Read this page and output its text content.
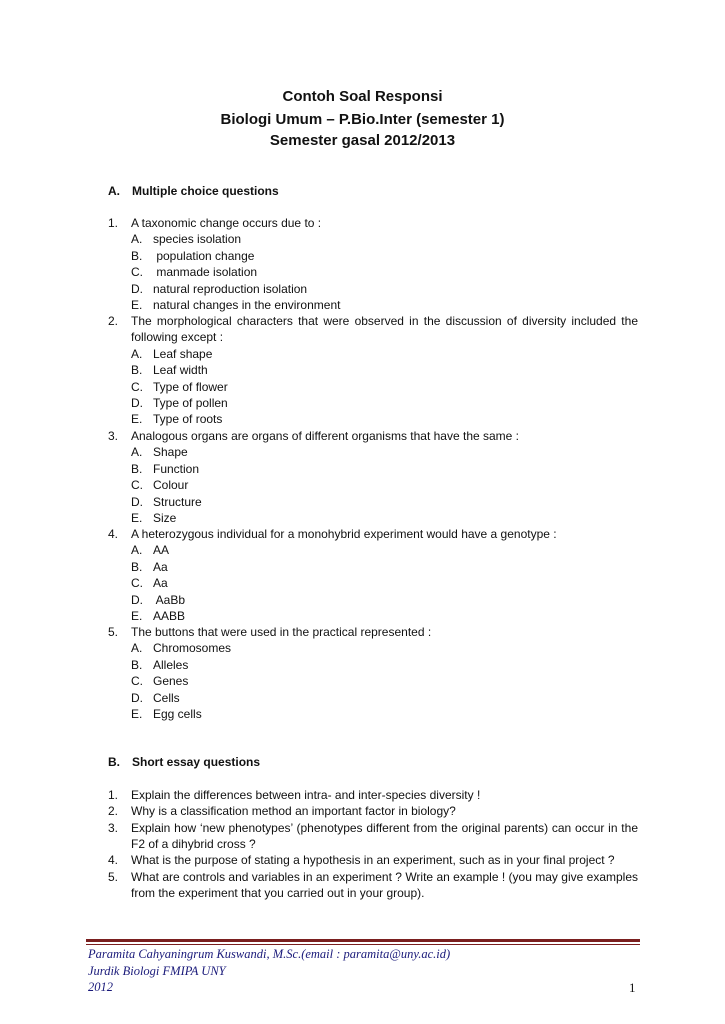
Contoh Soal Responsi
Biologi Umum – P.Bio.Inter (semester 1)
Semester gasal 2012/2013
A. Multiple choice questions
1. A taxonomic change occurs due to :
A. species isolation
B. population change
C. manmade isolation
D. natural reproduction isolation
E. natural changes in the environment
2. The morphological characters that were observed in the discussion of diversity included the following except :
A. Leaf shape
B. Leaf width
C. Type of flower
D. Type of pollen
E. Type of roots
3. Analogous organs are organs of different organisms that have the same :
A. Shape
B. Function
C. Colour
D. Structure
E. Size
4. A heterozygous individual for a monohybrid experiment would have a genotype :
A. AA
B. Aa
C. Aa
D. AaBb
E. AABB
5. The buttons that were used in the practical represented :
A. Chromosomes
B. Alleles
C. Genes
D. Cells
E. Egg cells
B. Short essay questions
1. Explain the differences between intra- and inter-species diversity !
2. Why is a classification method an important factor in biology?
3. Explain how ‘new phenotypes’ (phenotypes different from the original parents) can occur in the F2 of a dihybrid cross ?
4. What is the purpose of stating a hypothesis in an experiment, such as in your final project ?
5. What are controls and variables in an experiment ? Write an example ! (you may give examples from the experiment that you carried out in your group).
Paramita Cahyaningrum Kuswandi, M.Sc.(email : paramita@uny.ac.id)
Jurdik Biologi FMIPA UNY
2012	1
